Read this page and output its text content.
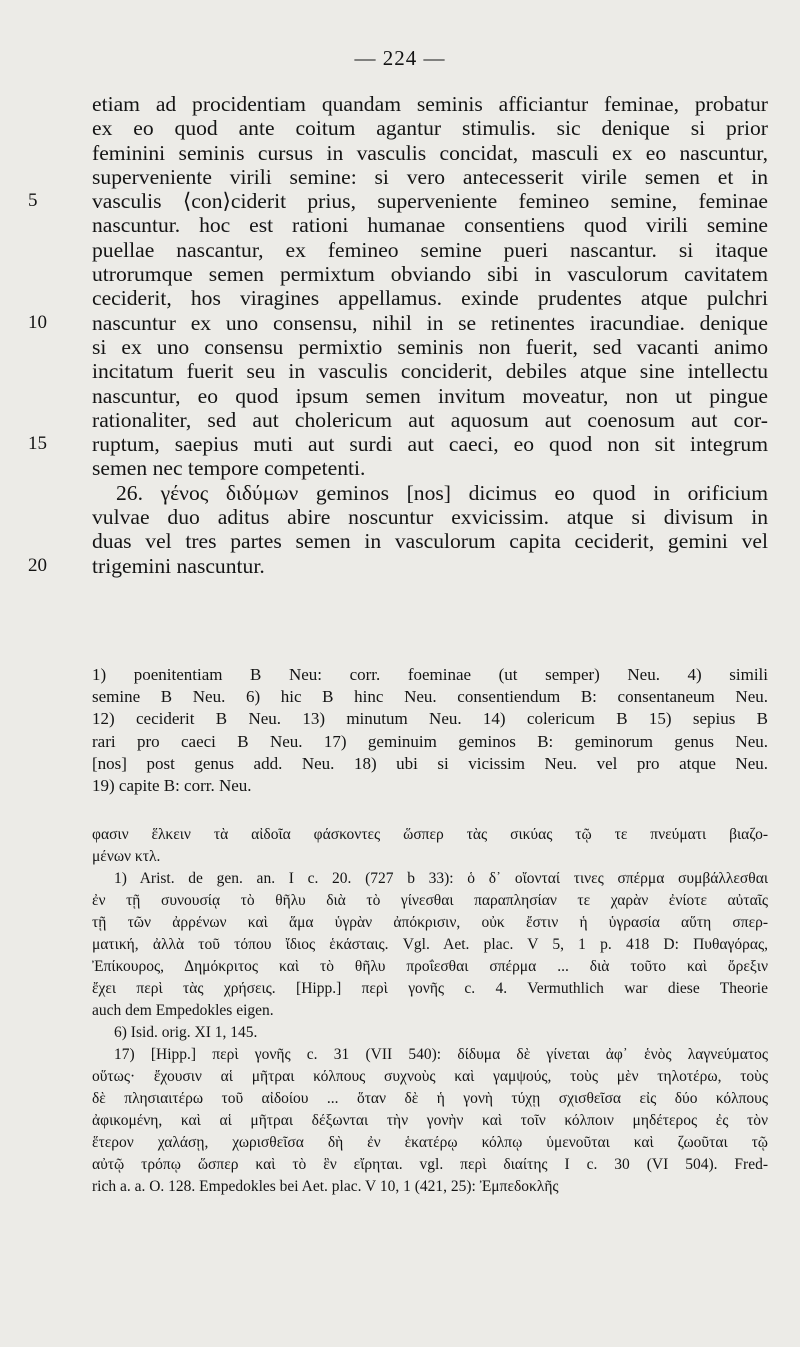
— 224 —
etiam ad procidentiam quandam seminis afficiantur feminae, probatur
ex eo quod ante coitum agantur stimulis. sic denique si prior
feminini seminis cursus in vasculis concidat, masculi ex eo nascuntur,
superveniente virili semine: si vero antecesserit virile semen et in
vasculis ⟨con⟩ciderit prius, superveniente femineo semine, feminae
5
nascuntur. hoc est rationi humanae consentiens quod virili semine
puellae nascantur, ex femineo semine pueri nascantur. si itaque
utrorumque semen permixtum obviando sibi in vasculorum cavitatem
ceciderit, hos viragines appellamus. exinde prudentes atque pulchri
nascuntur ex uno consensu, nihil in se retinentes iracundiae. denique
10
si ex uno consensu permixtio seminis non fuerit, sed vacanti animo
incitatum fuerit seu in vasculis conciderit, debiles atque sine intellectu
nascuntur, eo quod ipsum semen invitum moveatur, non ut pingue
rationaliter, sed aut cholericum aut aquosum aut coenosum aut cor-
ruptum, saepius muti aut surdi aut caeci, eo quod non sit integrum
15
semen nec tempore competenti.
26. γένος διδύμων geminos [nos] dicimus eo quod in orificium
vulvae duo aditus abire noscuntur exvicissim. atque si divisum in
duas vel tres partes semen in vasculorum capita ceciderit, gemini vel
trigemini nascuntur.
20
1) poenitentiam B Neu: corr. foeminae (ut semper) Neu. 4) simili
semine B Neu. 6) hic B hinc Neu. consentiendum B: consentaneum Neu.
12) ceciderit B Neu. 13) minutum Neu. 14) colericum B 15) sepius B
rari pro caeci B Neu. 17) geminuim geminos B: geminorum genus Neu.
[nos] post genus add. Neu. 18) ubi si vicissim Neu. vel pro atque Neu.
19) capite B: corr. Neu.
φασιν ἕλκειν τὰ αἰδοῖα φάσκοντες ὥσπερ τὰς σικύας τῷ τε πνεύματι βιαζο-
μένων κτλ.
1) Arist. de gen. an. I c. 20. (727 b 33): ὁ δ᾽ οἴονταί τινες σπέρμα συμβάλλεσθαι
ἐν τῇ συνουσίᾳ τὸ θῆλυ διὰ τὸ γίνεσθαι παραπλησίαν τε χαρὰν ἐνίοτε αὐταῖς
τῇ τῶν ἀρρένων καὶ ἅμα ὑγρὰν ἀπόκρισιν, οὐκ ἔστιν ἡ ὑγρασία αὕτη σπερ-
ματική, ἀλλὰ τοῦ τόπου ἴδιος ἑκάσταις. Vgl. Aet. plac. V 5, 1 p. 418 D: Πυθαγόρας,
Ἐπίκουρος, Δημόκριτος καὶ τὸ θῆλυ προΐεσθαι σπέρμα ... διὰ τοῦτο καὶ ὄρεξιν
ἔχει περὶ τὰς χρήσεις. [Hipp.] περὶ γονῆς c. 4. Vermuthlich war diese Theorie
auch dem Empedokles eigen.
6) Isid. orig. XI 1, 145.
17) [Hipp.] περὶ γονῆς c. 31 (VII 540): δίδυμα δὲ γίνεται ἀφ᾽ ἑνὸς λαγνεύματος
οὕτως· ἔχουσιν αἱ μῆτραι κόλπους συχνοὺς καὶ γαμψούς, τοὺς μὲν τηλοτέρω, τοὺς
δὲ πλησιαιτέρω τοῦ αἰδοίου ... ὅταν δὲ ἡ γονὴ τύχῃ σχισθεῖσα εἰς δύο κόλπους
ἀφικομένη, καὶ αἱ μῆτραι δέξωνται τὴν γονὴν καὶ τοῖν κόλποιν μηδέτερος ἐς τὸν
ἕτερον χαλάσῃ, χωρισθεῖσα δὴ ἐν ἑκατέρῳ κόλπῳ ὑμενοῦται καὶ ζωοῦται τῷ
αὐτῷ τρόπῳ ὥσπερ καὶ τὸ ἓν εἴρηται. vgl. περὶ διαίτης I c. 30 (VI 504). Fred-
rich a. a. O. 128. Empedokles bei Aet. plac. V 10, 1 (421, 25): Ἐμπεδοκλῆς
